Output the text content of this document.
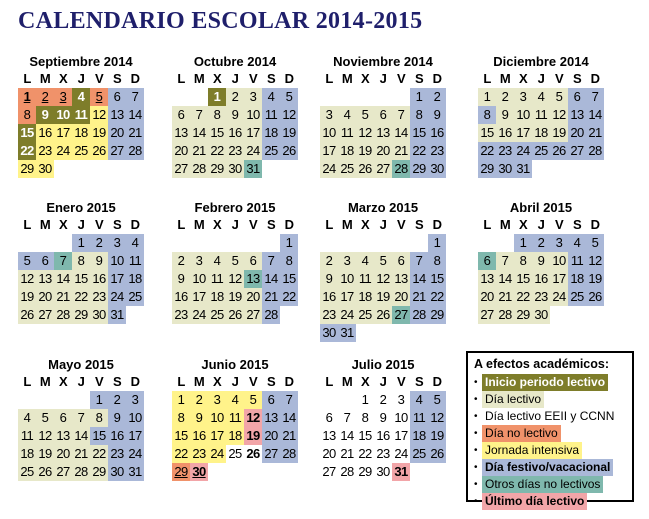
CALENDARIO ESCOLAR 2014-2015
Septiembre 2014
L M X J V S D
1 2 3 4 5 6 7
8 9 10 11 12 13 14
15 16 17 18 19 20 21
22 23 24 25 26 27 28
29 30
Octubre 2014
L M X J V S D
1 2 3 4 5
6 7 8 9 10 11 12
13 14 15 16 17 18 19
20 21 22 23 24 25 26
27 28 29 30 31
Noviembre 2014
L M X J V S D
1 2
3 4 5 6 7 8 9
10 11 12 13 14 15 16
17 18 19 20 21 22 23
24 25 26 27 28 29 30
Diciembre 2014
L M X J V S D
1 2 3 4 5 6 7
8 9 10 11 12 13 14
15 16 17 18 19 20 21
22 23 24 25 26 27 28
29 30 31
Enero 2015
L M X J V S D
1 2 3 4
5 6 7 8 9 10 11
12 13 14 15 16 17 18
19 20 21 22 23 24 25
26 27 28 29 30 31
Febrero 2015
L M X J V S D
1
2 3 4 5 6 7 8
9 10 11 12 13 14 15
16 17 18 19 20 21 22
23 24 25 26 27 28
Marzo 2015
L M X J V S D
1
2 3 4 5 6 7 8
9 10 11 12 13 14 15
16 17 18 19 20 21 22
23 24 25 26 27 28 29
30 31
Abril 2015
L M X J V S D
1 2 3 4 5
6 7 8 9 10 11 12
13 14 15 16 17 18 19
20 21 22 23 24 25 26
27 28 29 30
Mayo 2015
L M X J V S D
1 2 3
4 5 6 7 8 9 10
11 12 13 14 15 16 17
18 19 20 21 22 23 24
25 26 27 28 29 30 31
Junio 2015
L M X J V S D
1 2 3 4 5 6 7
8 9 10 11 12 13 14
15 16 17 18 19 20 21
22 23 24 25 26 27 28
29 30
Julio 2015
L M X J V S D
1 2 3 4 5
6 7 8 9 10 11 12
13 14 15 16 17 18 19
20 21 22 23 24 25 26
27 28 29 30 31
A efectos académicos:
• Inicio periodo lectivo
• Día lectivo
• Día lectivo EEII y CCNN
• Día no lectivo
• Jornada intensiva
• Día festivo/vacacional
• Otros días no lectivos
• Último día lectivo
